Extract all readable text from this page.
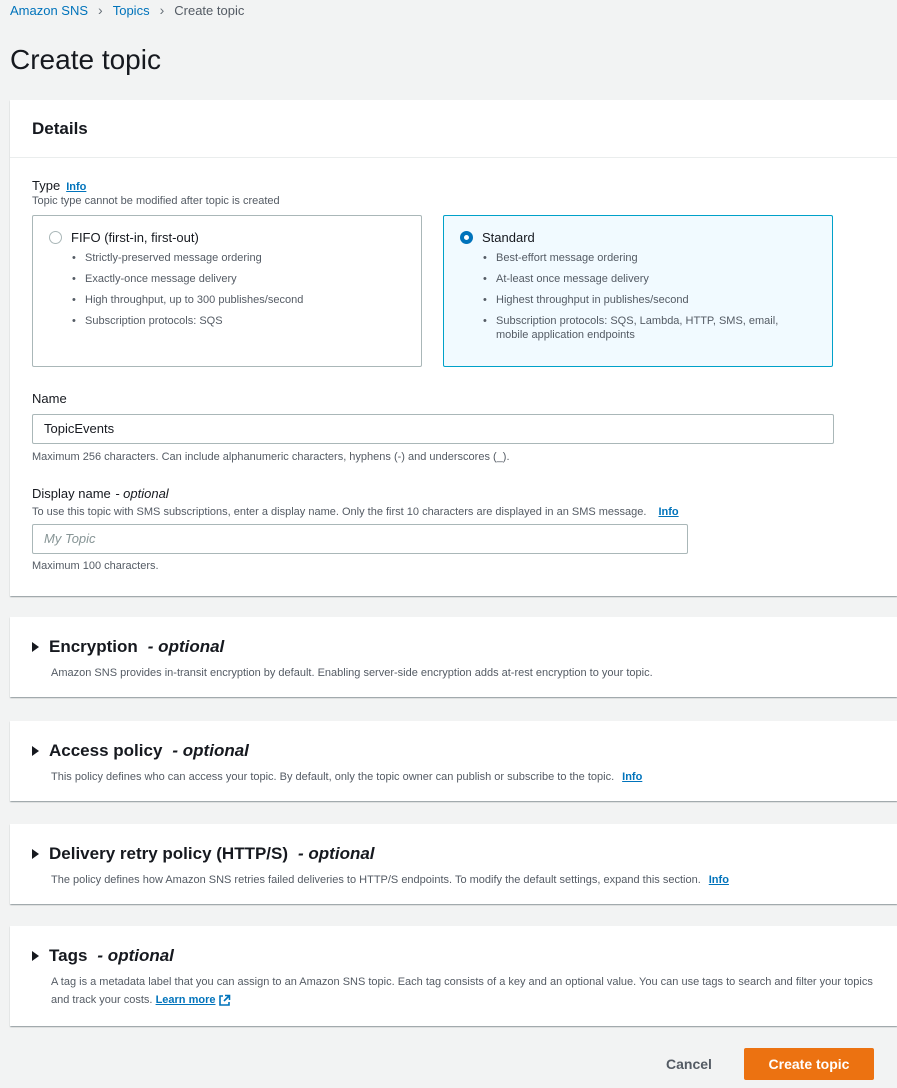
Amazon SNS › Topics › Create topic
Create topic
Details
Type Info
Topic type cannot be modified after topic is created
FIFO (first-in, first-out)
• Strictly-preserved message ordering
• Exactly-once message delivery
• High throughput, up to 300 publishes/second
• Subscription protocols: SQS
Standard
• Best-effort message ordering
• At-least once message delivery
• Highest throughput in publishes/second
• Subscription protocols: SQS, Lambda, HTTP, SMS, email, mobile application endpoints
Name
TopicEvents
Maximum 256 characters. Can include alphanumeric characters, hyphens (-) and underscores (_).
Display name - optional
To use this topic with SMS subscriptions, enter a display name. Only the first 10 characters are displayed in an SMS message. Info
My Topic
Maximum 100 characters.
Encryption - optional
Amazon SNS provides in-transit encryption by default. Enabling server-side encryption adds at-rest encryption to your topic.
Access policy - optional
This policy defines who can access your topic. By default, only the topic owner can publish or subscribe to the topic. Info
Delivery retry policy (HTTP/S) - optional
The policy defines how Amazon SNS retries failed deliveries to HTTP/S endpoints. To modify the default settings, expand this section. Info
Tags - optional
A tag is a metadata label that you can assign to an Amazon SNS topic. Each tag consists of a key and an optional value. You can use tags to search and filter your topics and track your costs. Learn more
Cancel	Create topic
